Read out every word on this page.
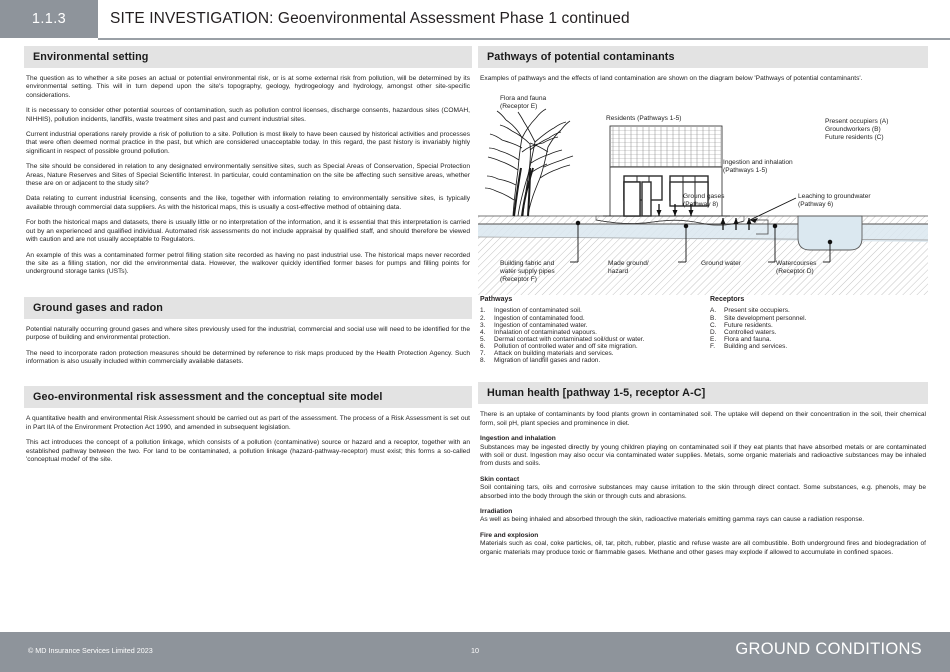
1.1.3	SITE INVESTIGATION: Geoenvironmental Assessment Phase 1 continued
Environmental setting

The question as to whether a site poses an actual or potential environmental risk, or is at some external risk from pollution, will be determined by its environmental setting. This will in turn depend upon the site's topography, geology, hydrogeology and hydrology, amongst other site-specific considerations.

It is necessary to consider other potential sources of contamination, such as pollution control licenses, discharge consents, hazardous sites (COMAH, NIHHIS), pollution incidents, landfills, waste treatment sites and past and current industrial sites.

Current industrial operations rarely provide a risk of pollution to a site. Pollution is most likely to have been caused by historical activities and processes that were often deemed normal practice in the past, but which are considered unacceptable today. In this regard, the past history is invariably highly significant in respect of possible ground pollution.

The site should be considered in relation to any designated environmentally sensitive sites, such as Special Areas of Conservation, Special Protection Areas, Nature Reserves and Sites of Special Scientific Interest. In particular, could contamination on the site be affecting such sensitive areas, whether these are on or adjacent to the study site?

Data relating to current industrial licensing, consents and the like, together with information relating to environmentally sensitive sites, is typically available through commercial data suppliers. As with the historical maps, this is usually a cost-effective method of obtaining data.

For both the historical maps and datasets, there is usually little or no interpretation of the information, and it is essential that this interpretation is carried out by an experienced and qualified individual. Automated risk assessments do not include appraisal by qualified staff, and should therefore be viewed with caution and are not usually acceptable to Regulators.

An example of this was a contaminated former petrol filling station site recorded as having no past industrial use. The historical maps never recorded the site as a filling station, nor did the environmental data. However, the walkover quickly identified former bases for pumps and filling points for underground storage tanks (USTs).

Ground gases and radon

Potential naturally occurring ground gases and where sites previously used for the industrial, commercial and social use will need to be identified for the purpose of building and environmental protection.

The need to incorporate radon protection measures should be determined by reference to risk maps produced by the Health Protection Agency. Such information is also usually included within commercially available datasets.

Geo-environmental risk assessment and the conceptual site model

A quantitative health and environmental Risk Assessment should be carried out as part of the assessment. The process of a Risk Assessment is set out in Part IIA of the Environment Protection Act 1990, and amended in subsequent legislation.

This act introduces the concept of a pollution linkage, which consists of a pollution (contaminative) source or hazard and a receptor, together with an established pathway between the two. For land to be contaminated, a pollution linkage (hazard-pathway-receptor) must exist; this forms a so-called 'conceptual model' of the site.

Pathways of potential contaminants

Examples of pathways and the effects of land contamination are shown on the diagram below 'Pathways of potential contaminants'.

Flora and fauna
(Receptor E)
Residents (Pathways 1-5)	Present occupiers (A)
Groundworkers (B)
Future residents (C)
Ingestion and inhalation
(Pathways 1-5)
Ground gases
(Pathway 8)
Leaching to groundwater
(Pathway 6)
Building fabric and
water supply pipes
(Receptor F)
Made ground/
hazard
Ground water	Watercourses
(Receptor D)
Pathways
1.	Ingestion of contaminated soil.
2.	Ingestion of contaminated food.
3.	Ingestion of contaminated water.
4.	Inhalation of contaminated vapours.
5.	Dermal contact with contaminated soil/dust or water.
6.	Pollution of controlled water and off site migration.
7.	Attack on building materials and services.
8.	Migration of landfill gases and radon.
Receptors
A.	Present site occupiers.
B.	Site development personnel.
C.	Future residents.
D.	Controlled waters.
E.	Flora and fauna.
F.	Building and services.
Human health [pathway 1-5, receptor A-C]

There is an uptake of contaminants by food plants grown in contaminated soil. The uptake will depend on their concentration in the soil, their chemical form, soil pH, plant species and prominence in diet.

Ingestion and inhalation

Substances may be ingested directly by young children playing on contaminated soil if they eat plants that have absorbed metals or are contaminated with soil or dust. Ingestion may also occur via contaminated water supplies. Metals, some organic materials and radioactive substances may be inhaled from dusts and soils.

Skin contact

Soil containing tars, oils and corrosive substances may cause irritation to the skin through direct contact. Some substances, e.g. phenols, may be absorbed into the body through the skin or through cuts and abrasions.

Irradiation

As well as being inhaled and absorbed through the skin, radioactive materials emitting gamma rays can cause a radiation response.

Fire and explosion

Materials such as coal, coke particles, oil, tar, pitch, rubber, plastic and refuse waste are all combustible. Both underground fires and biodegradation of organic materials may produce toxic or flammable gases. Methane and other gases may explode if allowed to accumulate in confined spaces.

© MD Insurance Services Limited 2023	10	GROUND CONDITIONS
